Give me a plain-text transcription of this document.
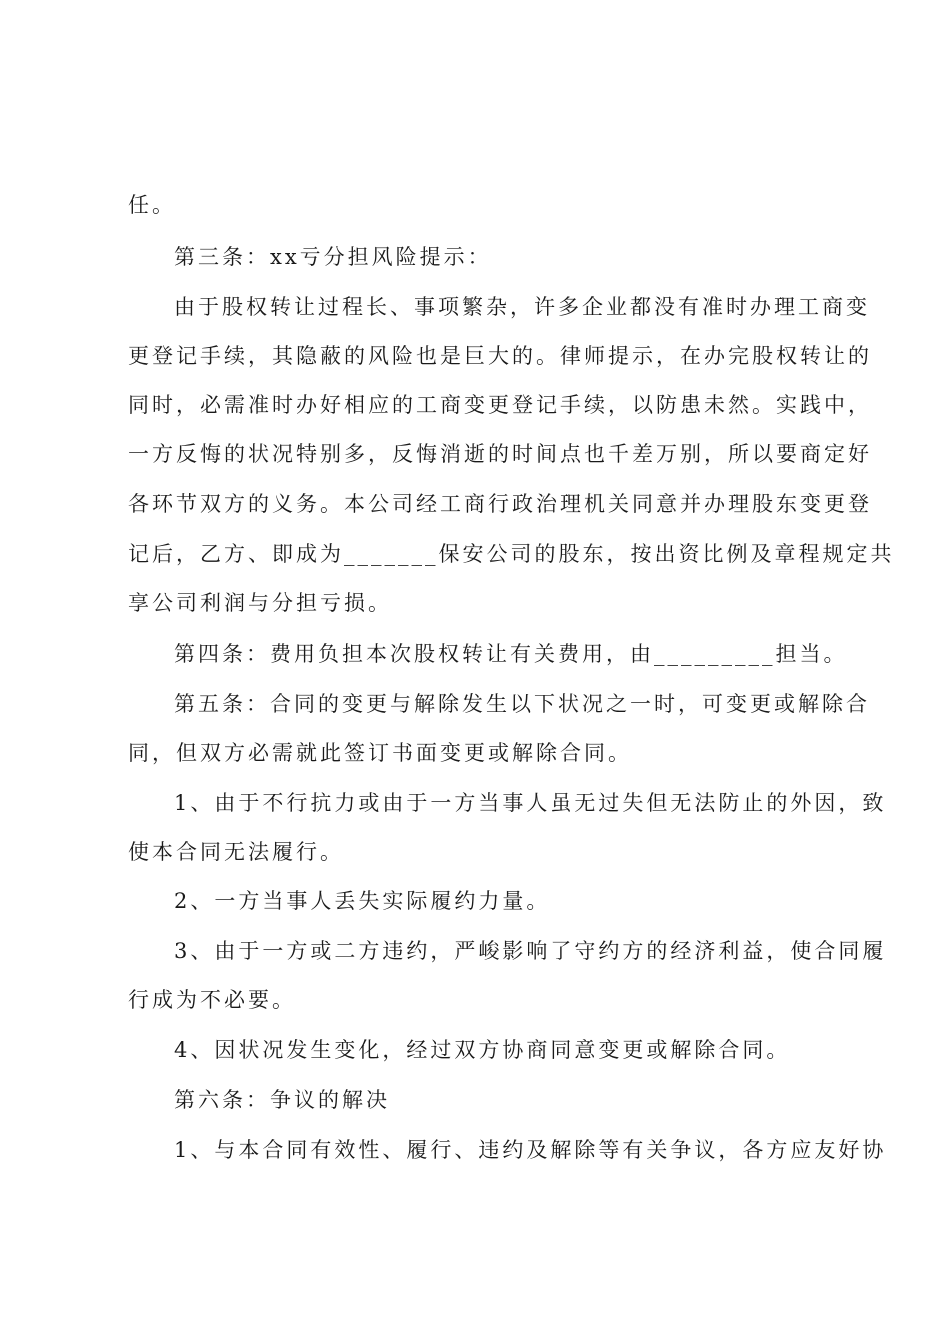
任。
第三条：xx亏分担风险提示：
由于股权转让过程长、事项繁杂，许多企业都没有准时办理工商变
更登记手续，其隐蔽的风险也是巨大的。律师提示，在办完股权转让的
同时，必需准时办好相应的工商变更登记手续，以防患未然。实践中，
一方反悔的状况特别多，反悔消逝的时间点也千差万别，所以要商定好
各环节双方的义务。本公司经工商行政治理机关同意并办理股东变更登
记后，乙方、即成为_______保安公司的股东，按出资比例及章程规定共
享公司利润与分担亏损。
第四条：费用负担本次股权转让有关费用，由_________担当。
第五条：合同的变更与解除发生以下状况之一时，可变更或解除合
同，但双方必需就此签订书面变更或解除合同。
1、由于不行抗力或由于一方当事人虽无过失但无法防止的外因，致
使本合同无法履行。
2、一方当事人丢失实际履约力量。
3、由于一方或二方违约，严峻影响了守约方的经济利益，使合同履
行成为不必要。
4、因状况发生变化，经过双方协商同意变更或解除合同。
第六条：争议的解决
1、与本合同有效性、履行、违约及解除等有关争议，各方应友好协
